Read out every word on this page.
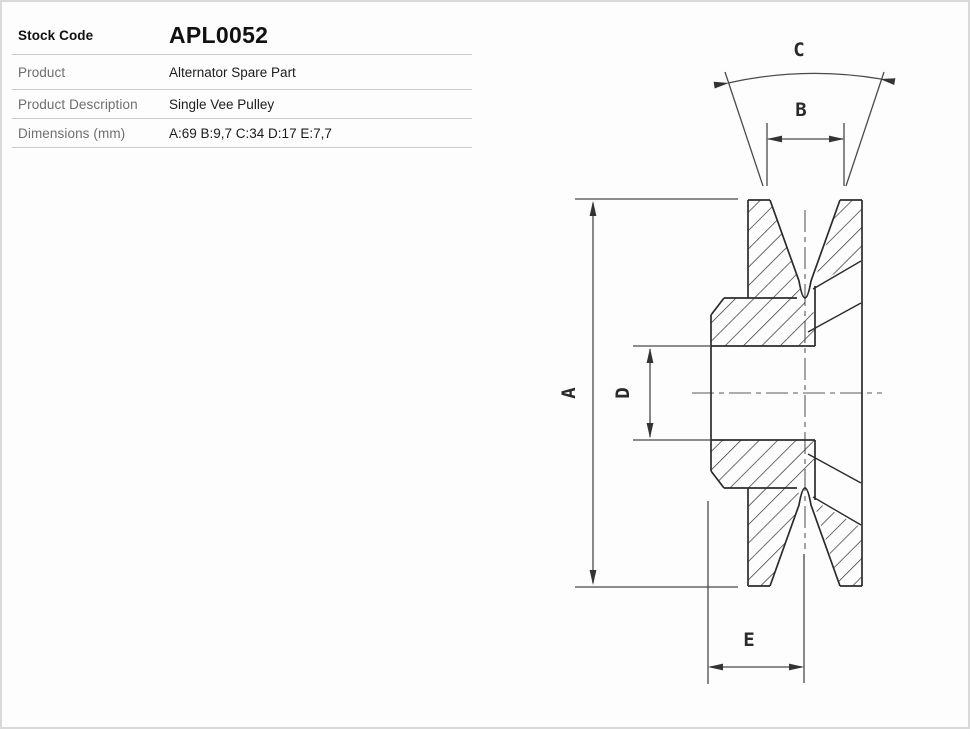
Stock Code	APL0052
Product	Alternator Spare Part
Product Description	Single Vee Pulley
Dimensions (mm)	A:69 B:9,7 C:34 D:17 E:7,7
A D
E
B
C
